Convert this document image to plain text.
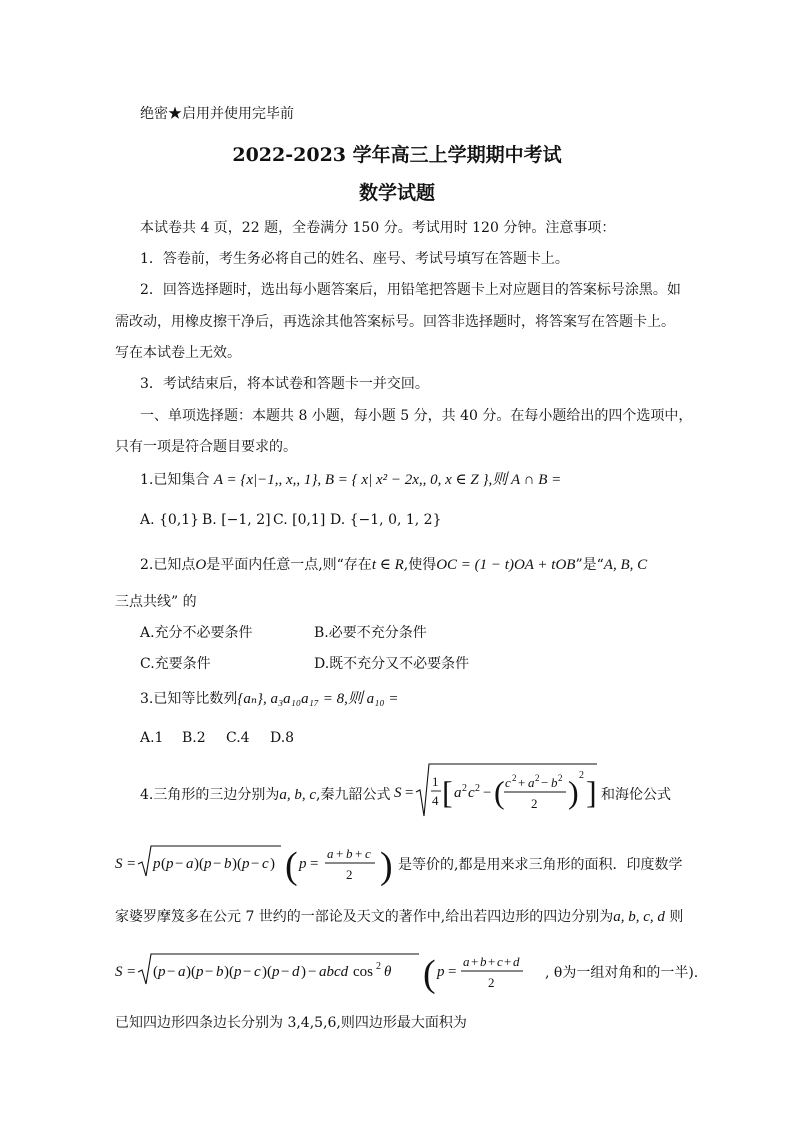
绝密★启用并使用完毕前
2022-2023 学年高三上学期期中考试
数学试题
本试卷共 4 页，22 题，全卷满分 150 分。考试用时 120 分钟。注意事项：
1．答卷前，考生务必将自己的姓名、座号、考试号填写在答题卡上。
2．回答选择题时，选出每小题答案后，用铅笔把答题卡上对应题目的答案标号涂黑。如
需改动，用橡皮擦干净后，再选涂其他答案标号。回答非选择题时，将答案写在答题卡上。
写在本试卷上无效。
3．考试结束后，将本试卷和答题卡一并交回。
一、单项选择题：本题共 8 小题，每小题 5 分，共 40 分。在每小题给出的四个选项中，
只有一项是符合题目要求的。
1.已知集合 A = {x|−1,, x,, 1}, B = { x| x² − 2x,, 0, x ∈ Z },则 A ∩ B =
A. {0,1} B. [−1, 2] C. [0,1] D. {−1, 0, 1, 2}
2.已知点O是平面内任意一点,则“存在t ∈ R,使得OC = (1 − t)OA + tOB”是“A, B, C
三点共线” 的
A.充分不必要条件	B.必要不充分条件
C.充要条件	D.既不充分又不必要条件
3.已知等比数列{aₙ}, a₃a₁₀a₁₇ = 8,则 a₁₀ =
A.1 B.2 C.4 D.8
4.三角形的三边分别为a, b, c,秦九韶公式 S =
1
4 [ a 2 c 2 − ( c 2 + a 2 − b 2
2 ) 2 ] 和海伦公式
S = p ( p − a ) ( p − b ) ( p − c ) ( p =
a + b + c
2 ) 是等价的,都是用来求三角形的面积．印度数学
家婆罗摩笈多在公元 7 世约的一部论及天文的著作中,给出若四边形的四边分别为a, b, c, d 则
S = ( p − a ) ( p − b ) ( p − c ) ( p − d ) − abcd cos 2 θ ( p =
a + b + c + d
2
, θ为一组对角和的一半).
已知四边形四条边长分别为 3,4,5,6,则四边形最大面积为
